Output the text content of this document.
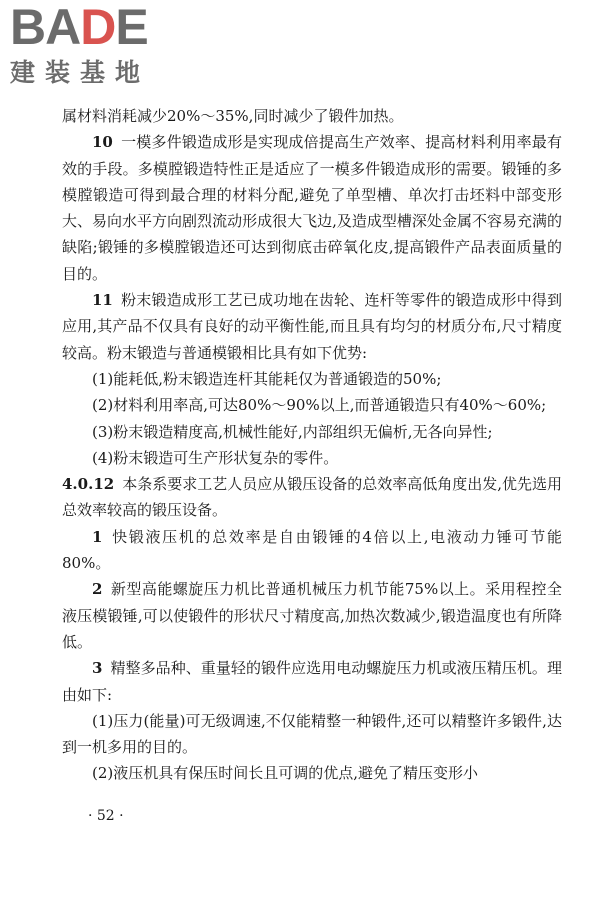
BADE
建装基地

属材料消耗减少20%～35%,同时减少了锻件加热。

10 一模多件锻造成形是实现成倍提高生产效率、提高材料利用率最有效的手段。多模膛锻造特性正是适应了一模多件锻造成形的需要。锻锤的多模膛锻造可得到最合理的材料分配,避免了单型槽、单次打击坯料中部变形大、易向水平方向剧烈流动形成很大飞边,及造成型槽深处金属不容易充满的缺陷;锻锤的多模膛锻造还可达到彻底击碎氧化皮,提高锻件产品表面质量的目的。

11 粉末锻造成形工艺已成功地在齿轮、连杆等零件的锻造成形中得到应用,其产品不仅具有良好的动平衡性能,而且具有均匀的材质分布,尺寸精度较高。粉末锻造与普通模锻相比具有如下优势:

(1)能耗低,粉末锻造连杆其能耗仅为普通锻造的50%;

(2)材料利用率高,可达80%～90%以上,而普通锻造只有40%～60%;

(3)粉末锻造精度高,机械性能好,内部组织无偏析,无各向异性;

(4)粉末锻造可生产形状复杂的零件。

4.0.12 本条系要求工艺人员应从锻压设备的总效率高低角度出发,优先选用总效率较高的锻压设备。

1 快锻液压机的总效率是自由锻锤的4倍以上,电液动力锤可节能80%。

2 新型高能螺旋压力机比普通机械压力机节能75%以上。采用程控全液压模锻锤,可以使锻件的形状尺寸精度高,加热次数减少,锻造温度也有所降低。

3 精整多品种、重量轻的锻件应选用电动螺旋压力机或液压精压机。理由如下:

(1)压力(能量)可无级调速,不仅能精整一种锻件,还可以精整许多锻件,达到一机多用的目的。

(2)液压机具有保压时间长且可调的优点,避免了精压变形小

· 52 ·
